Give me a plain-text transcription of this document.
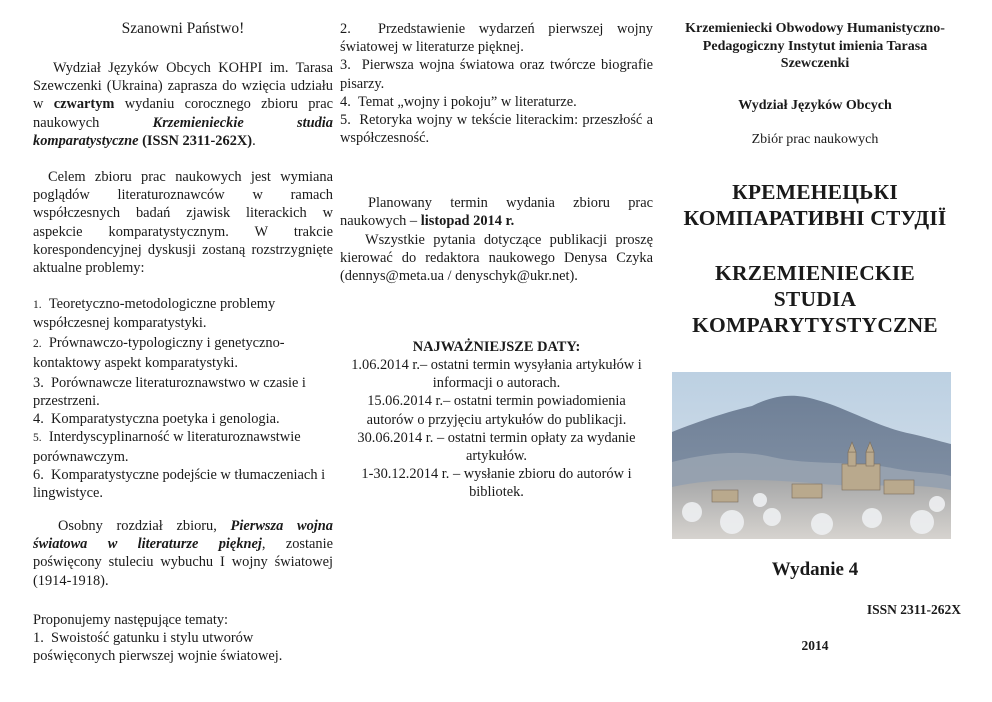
Szanowni Państwo!

Wydział Języków Obcych KOHPI im. Tarasa Szewczenki (Ukraina) zaprasza do wzięcia udziału w czwartym wydaniu corocznego zbioru prac naukowych Krzemienieckie studia komparatystyczne (ISSN 2311-262X).

Celem zbioru prac naukowych jest wymiana poglądów literaturoznawców w ramach współczesnych badań zjawisk literackich w aspekcie komparatystycznym. W trakcie korespondencyjnej dyskusji zostaną rozstrzygnięte aktualne problemy:

1. Teoretyczno-metodologiczne problemy współczesnej komparatystyki.

2. Prównawczo-typologiczny i genetyczno-kontaktowy aspekt komparatystyki.

3. Porównawcze literaturoznawstwo w czasie i przestrzeni.

4. Komparatystyczna poetyka i genologia.

5. Interdyscyplinarność w literaturoznawstwie porównawczym.

6. Komparatystyczne podejście w tłumaczeniach i lingwistyce.

Osobny rozdział zbioru, Pierwsza wojna światowa w literaturze pięknej, zostanie poświęcony stuleciu wybuchu I wojny światowej (1914-1918).

Proponujemy następujące tematy:

1. Swoistość gatunku i stylu utworów poświęconych pierwszej wojnie światowej.

2. Przedstawienie wydarzeń pierwszej wojny światowej w literaturze pięknej.

3. Pierwsza wojna światowa oraz twórcze biografie pisarzy.

4. Temat „wojny i pokoju” w literaturze.

5. Retoryka wojny w tekście literackim: przeszłość a współczesność.

Planowany termin wydania zbioru prac naukowych – listopad 2014 r.

Wszystkie pytania dotyczące publikacji proszę kierować do redaktora naukowego Denysa Czyka (dennys@meta.ua / denyschyk@ukr.net).

NAJWAŻNIEJSZE DATY:

1.06.2014 r.– ostatni termin wysyłania artykułów i informacji o autorach.

15.06.2014 r.– ostatni termin powiadomienia autorów o przyjęciu artykułów do publikacji.

30.06.2014 r. – ostatni termin opłaty za wydanie artykułów.

1-30.12.2014 r. – wysłanie zbioru do autorów i bibliotek.

Krzemieniecki Obwodowy Humanistyczno-Pedagogiczny Instytut imienia Tarasa Szewczenki

Wydział Języków Obcych

Zbiór prac naukowych

КРЕМЕНЕЦЬКІ КОМПАРАТИВНІ СТУДІЇ

KRZEMIENIECKIE STUDIA KOMPARYTYSTYCZNE

Wydanie 4

ISSN 2311-262X

2014
